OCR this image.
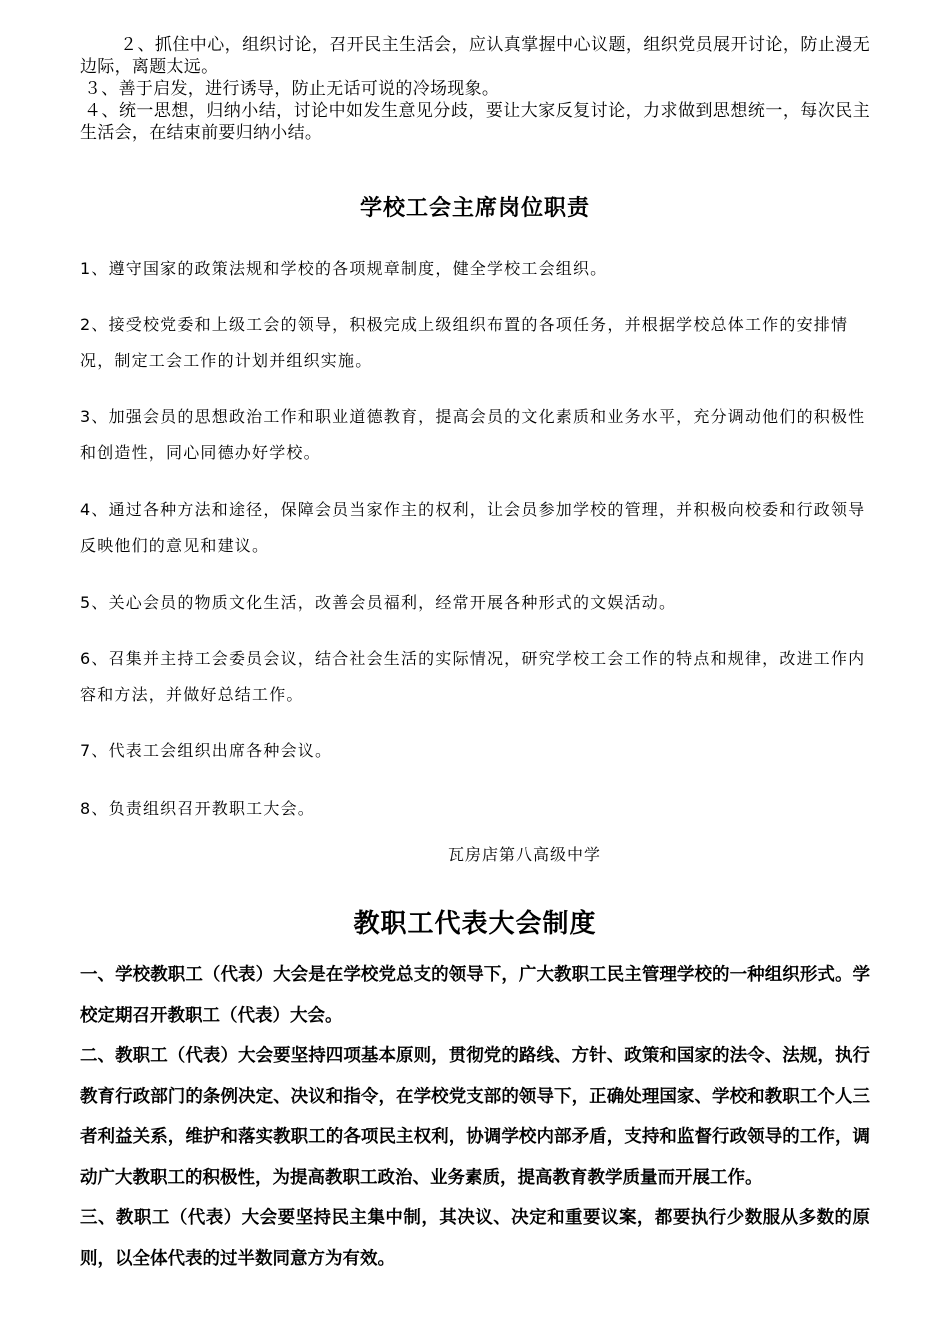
２、抓住中心，组织讨论，召开民主生活会，应认真掌握中心议题，组织党员展开讨论，防止漫无边际，离题太远。

３、善于启发，进行诱导，防止无话可说的冷场现象。

４、统一思想，归纳小结，讨论中如发生意见分歧，要让大家反复讨论，力求做到思想统一，每次民主生活会，在结束前要归纳小结。

学校工会主席岗位职责
1、遵守国家的政策法规和学校的各项规章制度，健全学校工会组织。
2、接受校党委和上级工会的领导，积极完成上级组织布置的各项任务，并根据学校总体工作的安排情况，制定工会工作的计划并组织实施。
3、加强会员的思想政治工作和职业道德教育，提高会员的文化素质和业务水平，充分调动他们的积极性和创造性，同心同德办好学校。
4、通过各种方法和途径，保障会员当家作主的权利，让会员参加学校的管理，并积极向校委和行政领导反映他们的意见和建议。
5、关心会员的物质文化生活，改善会员福利，经常开展各种形式的文娱活动。
6、召集并主持工会委员会议，结合社会生活的实际情况，研究学校工会工作的特点和规律，改进工作内容和方法，并做好总结工作。
7、代表工会组织出席各种会议。
8、负责组织召开教职工大会。
瓦房店第八高级中学
教职工代表大会制度

一、学校教职工（代表）大会是在学校党总支的领导下，广大教职工民主管理学校的一种组织形式。学校定期召开教职工（代表）大会。

二、教职工（代表）大会要坚持四项基本原则，贯彻党的路线、方针、政策和国家的法令、法规，执行教育行政部门的条例决定、决议和指令，在学校党支部的领导下，正确处理国家、学校和教职工个人三者利益关系，维护和落实教职工的各项民主权利，协调学校内部矛盾，支持和监督行政领导的工作，调动广大教职工的积极性，为提高教职工政治、业务素质，提高教育教学质量而开展工作。

三、教职工（代表）大会要坚持民主集中制，其决议、决定和重要议案，都要执行少数服从多数的原则，以全体代表的过半数同意方为有效。
